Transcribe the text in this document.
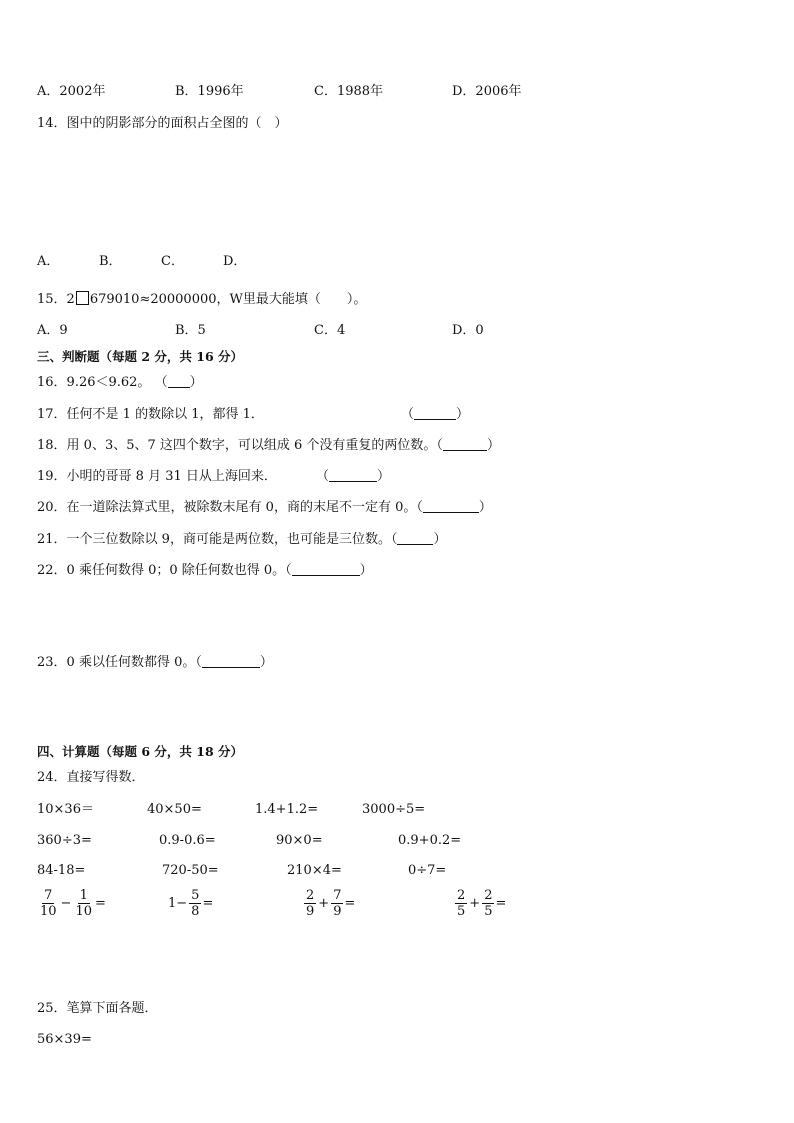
A．2002年	B．1996年	C．1988年	D．2006年
14．图中的阴影部分的面积占全图的（　）
A．	B．	C．	D．
15．2 679010≈20000000，W里最大能填（　　）。
A．9	B．5	C．4	D．0
三、判断题（每题 2 分，共 16 分）
16．9.26＜9.62。 （ ）
17．任何不是 1 的数除以 1，都得 1．	（	）
18．用 0、3、5、7 这四个数字，可以组成 6 个没有重复的两位数。（	）
19．小明的哥哥 8 月 31 日从上海回来．	（	）
20．在一道除法算式里，被除数末尾有 0，商的末尾不一定有 0。（	）
21．一个三位数除以 9，商可能是两位数，也可能是三位数。（	）
22．0 乘任何数得 0；0 除任何数也得 0。（	）
23．0 乘以任何数都得 0。（	）
四、计算题（每题 6 分，共 18 分）
24．直接写得数．
10×36＝	40×50=	1.4+1.2=	3000÷5=
360÷3=	0.9-0.6=	90×0=	0.9+0.2=
84-18=	720-50=	210×4=	0÷7=
$\frac{7}{10} - \frac{1}{10}$ =	$1- \frac{5}{8}$ =	$\frac{2}{9} + \frac{7}{9}$ =	$\frac{2}{5} + \frac{2}{5}$ =
25．笔算下面各题．
56×39=
